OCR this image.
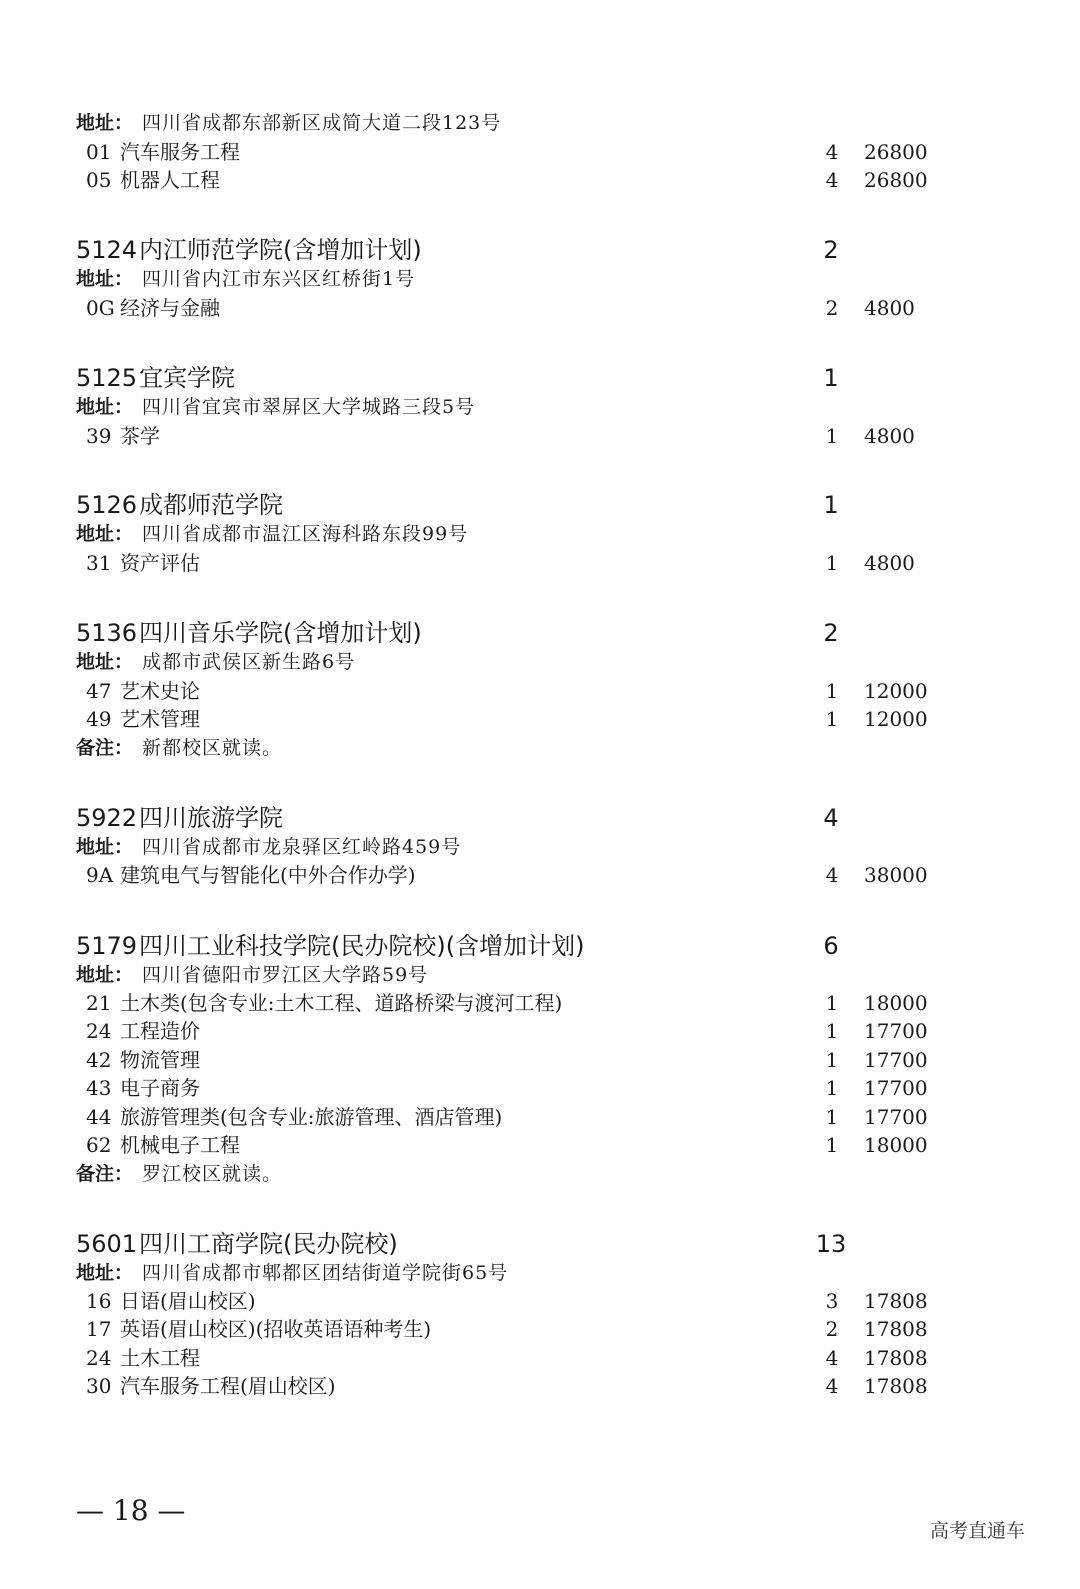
地址： 四川省成都东部新区成简大道二段123号
01 汽车服务工程	4	26800
05 机器人工程	4	26800
5124 内江师范学院(含增加计划)	2
地址： 四川省内江市东兴区红桥街1号
0G 经济与金融	2	4800
5125 宜宾学院	1
地址： 四川省宜宾市翠屏区大学城路三段5号
39 茶学	1	4800
5126 成都师范学院	1
地址： 四川省成都市温江区海科路东段99号
31 资产评估	1	4800
5136 四川音乐学院(含增加计划)	2
地址： 成都市武侯区新生路6号
47 艺术史论	1	12000
49 艺术管理	1	12000
备注： 新都校区就读。
5922 四川旅游学院	4
地址： 四川省成都市龙泉驿区红岭路459号
9A 建筑电气与智能化(中外合作办学)	4	38000
5179 四川工业科技学院(民办院校)(含增加计划)	6
地址： 四川省德阳市罗江区大学路59号
21 土木类(包含专业:土木工程、道路桥梁与渡河工程)	1	18000
24 工程造价	1	17700
42 物流管理	1	17700
43 电子商务	1	17700
44 旅游管理类(包含专业:旅游管理、酒店管理)	1	17700
62 机械电子工程	1	18000
备注： 罗江校区就读。
5601 四川工商学院(民办院校)	13
地址： 四川省成都市郫都区团结街道学院街65号
16 日语(眉山校区)	3	17808
17 英语(眉山校区)(招收英语语种考生)	2	17808
24 土木工程	4	17808
30 汽车服务工程(眉山校区)	4	17808
— 18 —
高考直通车
